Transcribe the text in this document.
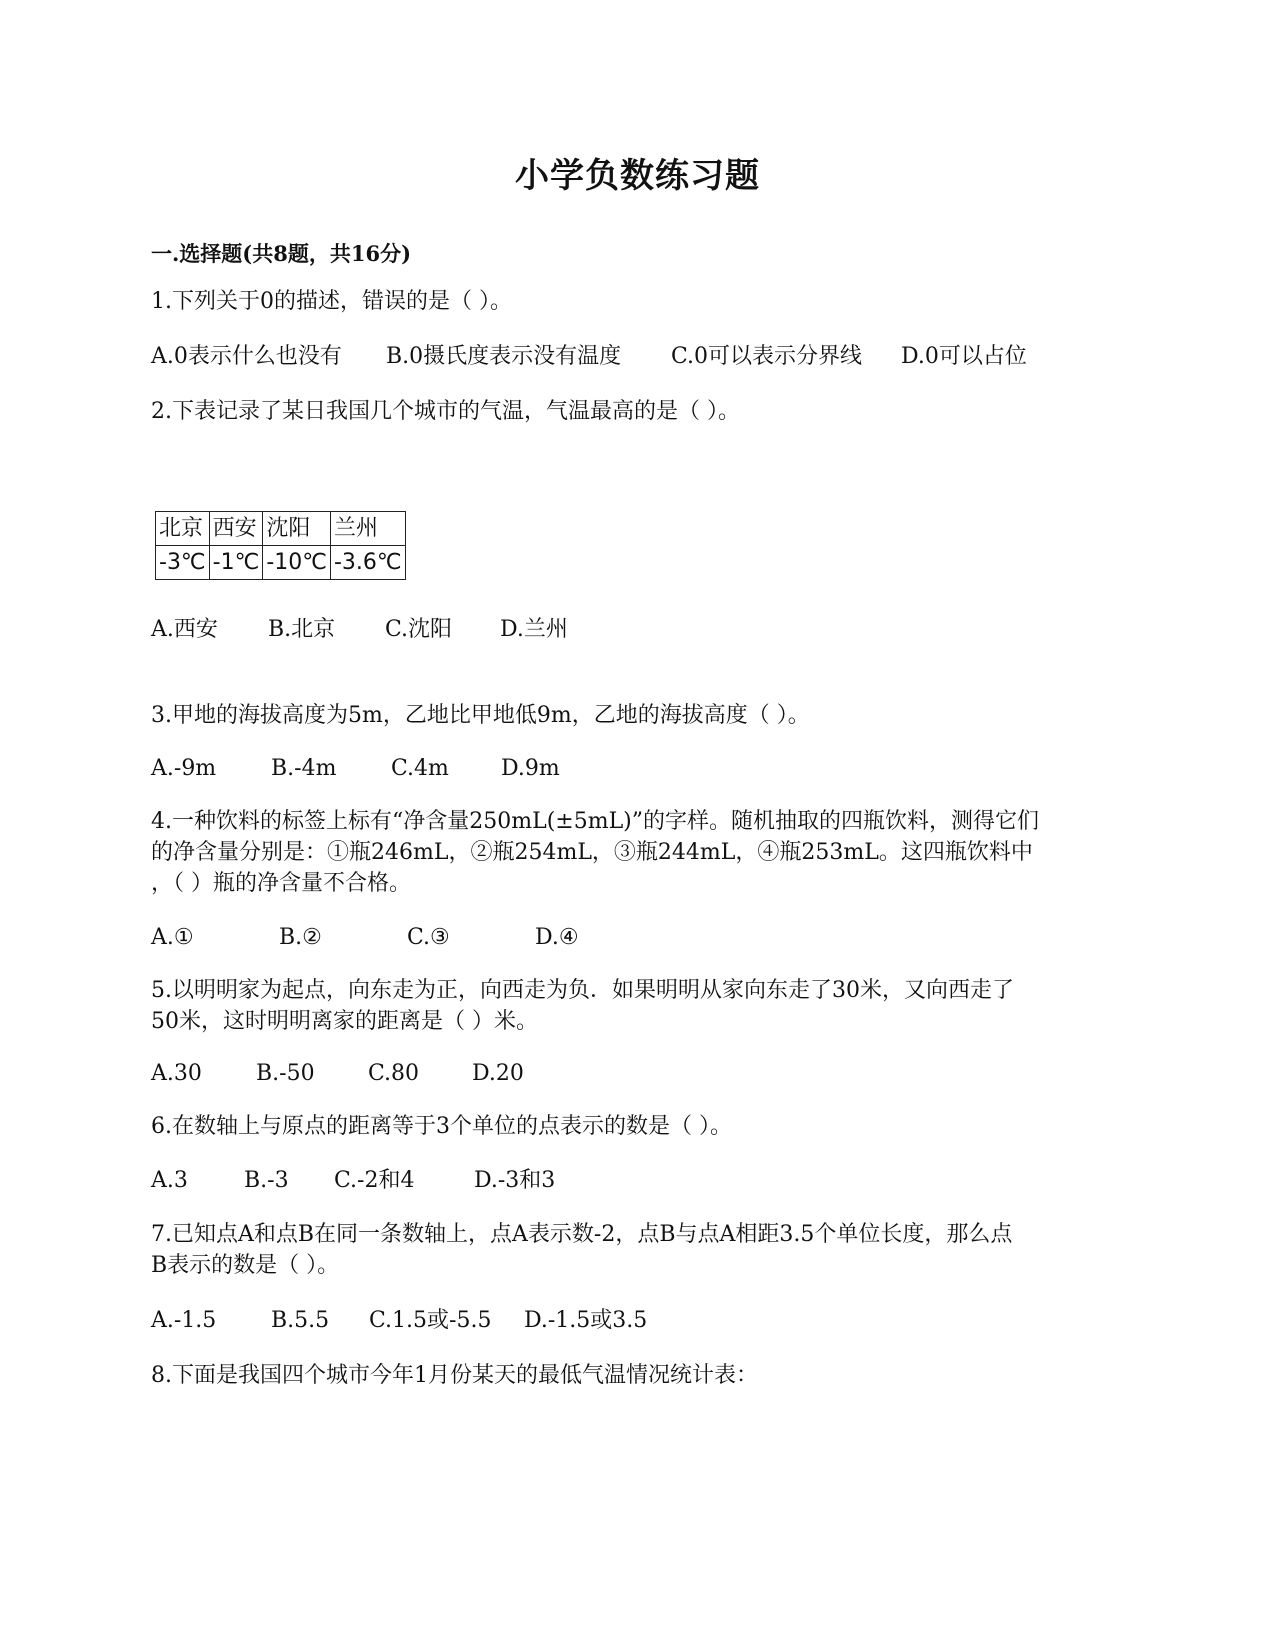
小学负数练习题
一.选择题(共8题，共16分)
1.下列关于0的描述，错误的是（ ）。
A.0表示什么也没有 B.0摄氏度表示没有温度 C.0可以表示分界线 D.0可以占位
2.下表记录了某日我国几个城市的气温，气温最高的是（ ）。
北京	西安	沈阳	兰州
-3℃	-1℃	-10℃	-3.6℃
A.西安 B.北京 C.沈阳 D.兰州
3.甲地的海拔高度为5m，乙地比甲地低9m，乙地的海拔高度（ ）。
A.-9m B.-4m C.4m D.9m
4.一种饮料的标签上标有“净含量250mL(±5mL)”的字样。随机抽取的四瓶饮料，测得它们
的净含量分别是：①瓶246mL，②瓶254mL，③瓶244mL，④瓶253mL。这四瓶饮料中
，（ ）瓶的净含量不合格。
A.①	B.②	C.③	D.④
5.以明明家为起点，向东走为正，向西走为负．如果明明从家向东走了30米，又向西走了
50米，这时明明离家的距离是（ ）米。
A.30 B.-50 C.80 D.20
6.在数轴上与原点的距离等于3个单位的点表示的数是（ ）。
A.3	B.-3 C.-2和4	D.-3和3
7.已知点A和点B在同一条数轴上，点A表示数-2，点B与点A相距3.5个单位长度，那么点
B表示的数是（ ）。
A.-1.5 B.5.5 C.1.5或-5.5 D.-1.5或3.5
8.下面是我国四个城市今年1月份某天的最低气温情况统计表：
